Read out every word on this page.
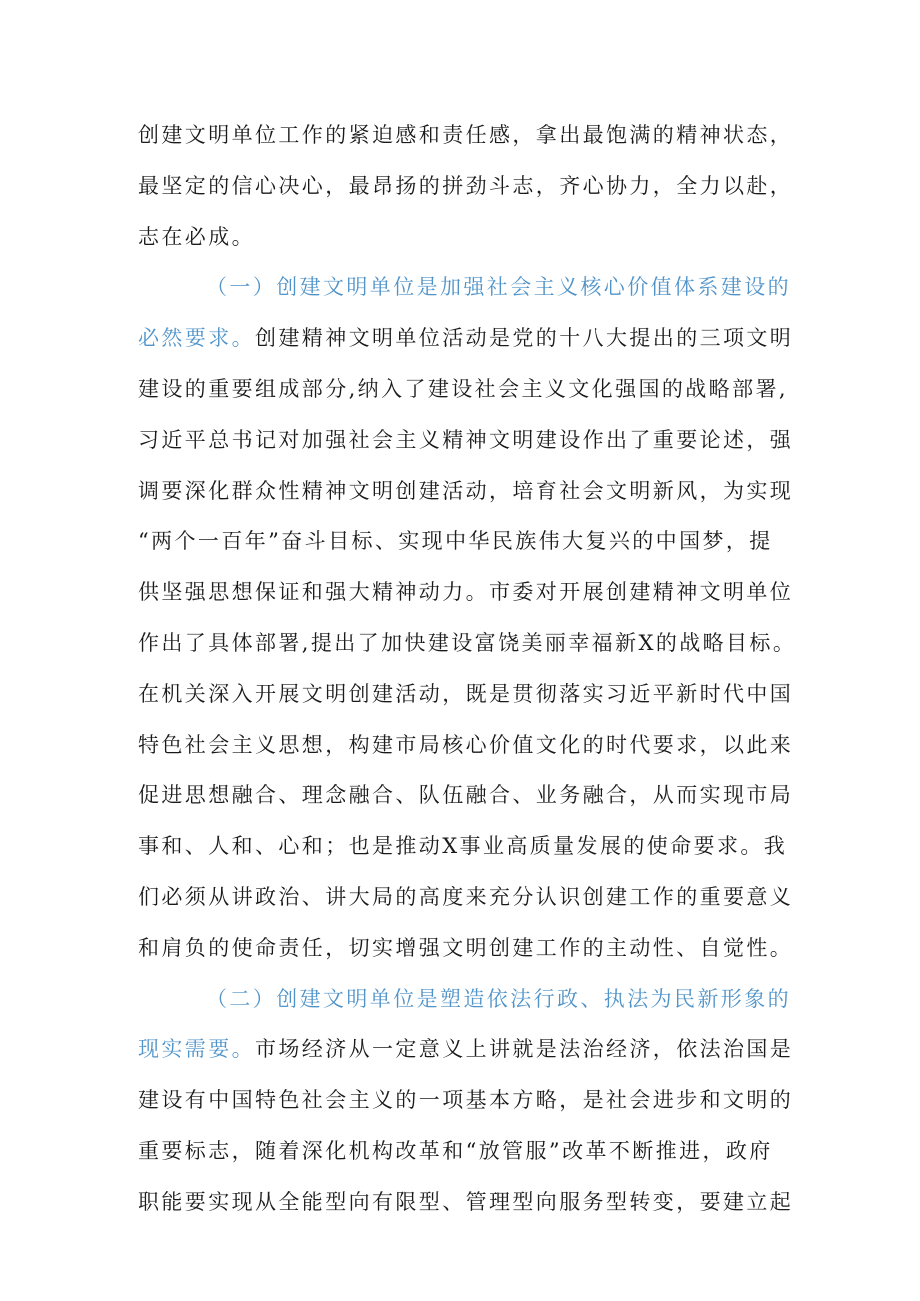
创建文明单位工作的紧迫感和责任感，拿出最饱满的精神状态，
最坚定的信心决心，最昂扬的拼劲斗志，齐心协力，全力以赴，
志在必成。
（一）创建文明单位是加强社会主义核心价值体系建设的
必然要求。创建精神文明单位活动是党的十八大提出的三项文明
建设的重要组成部分,纳入了建设社会主义文化强国的战略部署,
习近平总书记对加强社会主义精神文明建设作出了重要论述，强
调要深化群众性精神文明创建活动，培育社会文明新风，为实现
“两个一百年”奋斗目标、实现中华民族伟大复兴的中国梦，提
供坚强思想保证和强大精神动力。市委对开展创建精神文明单位
作出了具体部署,提出了加快建设富饶美丽幸福新X的战略目标。
在机关深入开展文明创建活动，既是贯彻落实习近平新时代中国
特色社会主义思想，构建市局核心价值文化的时代要求，以此来
促进思想融合、理念融合、队伍融合、业务融合，从而实现市局
事和、人和、心和；也是推动X事业高质量发展的使命要求。我
们必须从讲政治、讲大局的高度来充分认识创建工作的重要意义
和肩负的使命责任，切实增强文明创建工作的主动性、自觉性。
（二）创建文明单位是塑造依法行政、执法为民新形象的
现实需要。市场经济从一定意义上讲就是法治经济，依法治国是
建设有中国特色社会主义的一项基本方略，是社会进步和文明的
重要标志，随着深化机构改革和“放管服”改革不断推进，政府
职能要实现从全能型向有限型、管理型向服务型转变，要建立起
